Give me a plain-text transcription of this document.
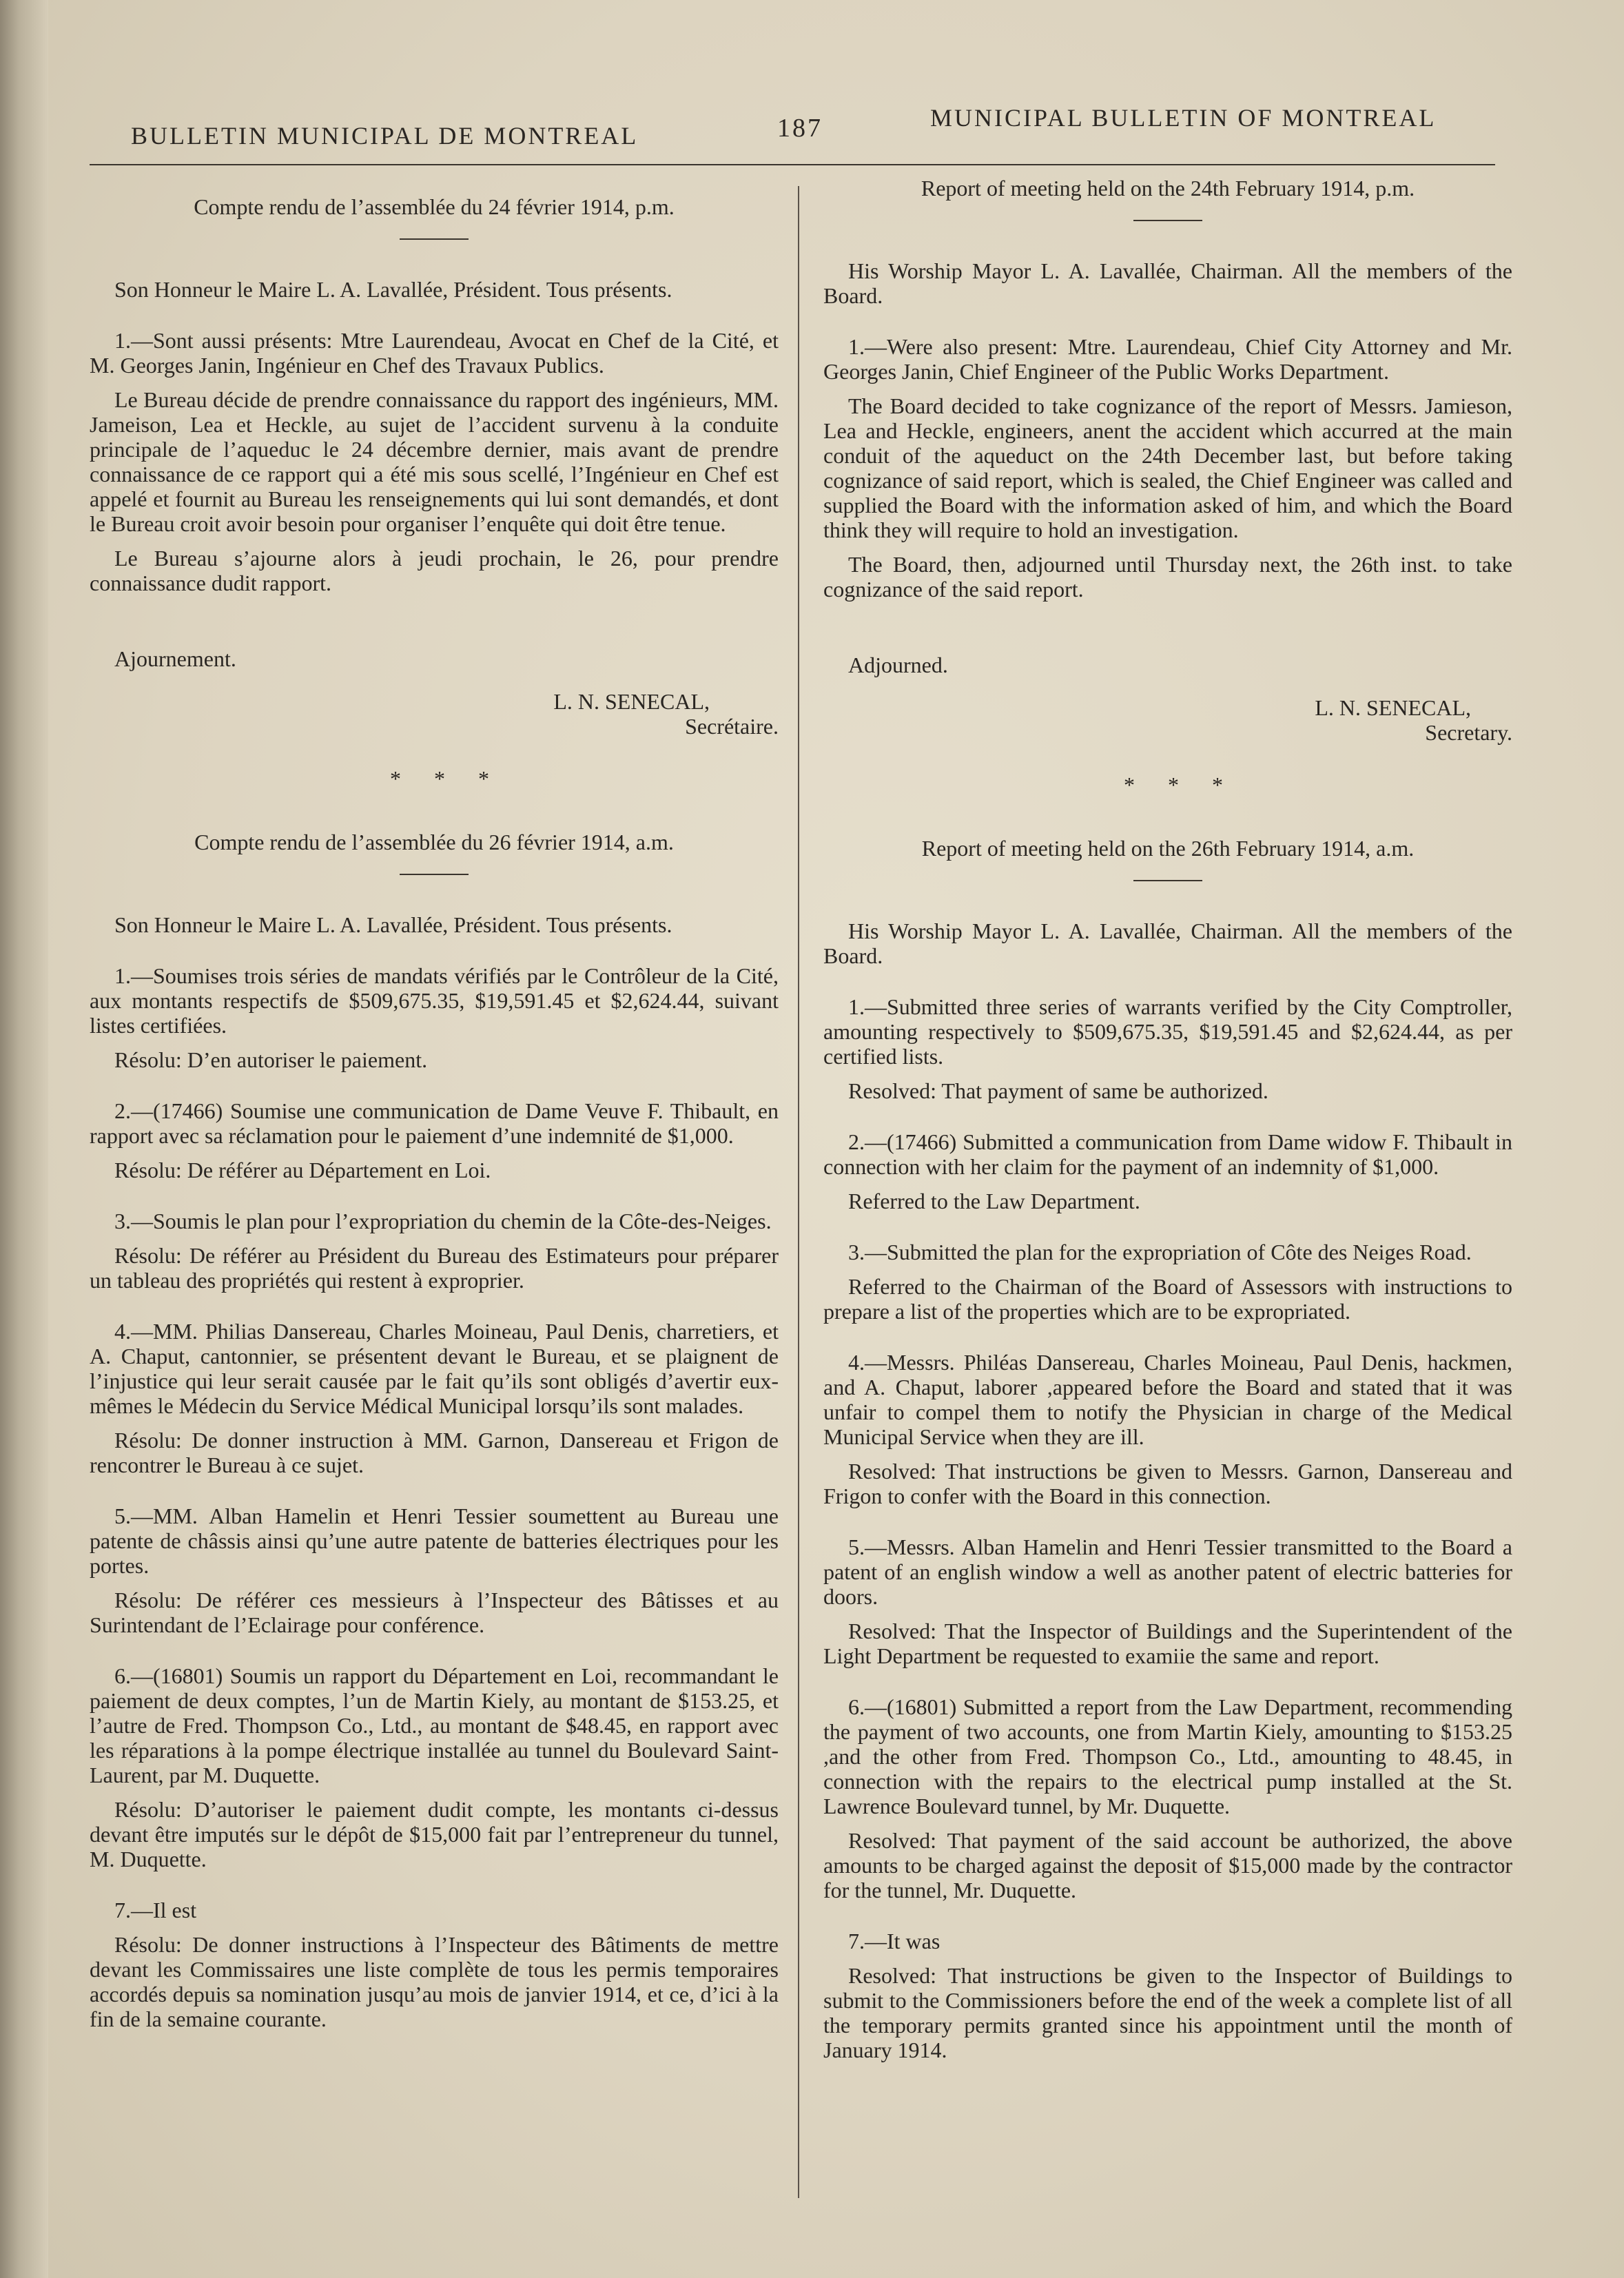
BULLETIN MUNICIPAL DE MONTREAL	187	MUNICIPAL BULLETIN OF MONTREAL

Compte rendu de l’assemblée du 24 février 1914, p.m.

Son Honneur le Maire L. A. Lavallée, Président. Tous présents.

1.—Sont aussi présents: Mtre Laurendeau, Avocat en Chef de la Cité, et M. Georges Janin, Ingénieur en Chef des Travaux Publics.

Le Bureau décide de prendre connaissance du rapport des ingénieurs, MM. Jameison, Lea et Heckle, au sujet de l’accident survenu à la conduite principale de l’aqueduc le 24 décembre dernier, mais avant de prendre connaissance de ce rapport qui a été mis sous scellé, l’Ingénieur en Chef est appelé et fournit au Bureau les renseignements qui lui sont demandés, et dont le Bureau croit avoir besoin pour organiser l’enquête qui doit être tenue.

Le Bureau s’ajourne alors à jeudi prochain, le 26, pour prendre connaissance dudit rapport.

Ajournement.

L. N. SENECAL,

Secrétaire.

* * *

Compte rendu de l’assemblée du 26 février 1914, a.m.

Son Honneur le Maire L. A. Lavallée, Président. Tous présents.

1.—Soumises trois séries de mandats vérifiés par le Contrôleur de la Cité, aux montants respectifs de $509,675.35, $19,591.45 et $2,624.44, suivant listes certifiées.

Résolu: D’en autoriser le paiement.

2.—(17466) Soumise une communication de Dame Veuve F. Thibault, en rapport avec sa réclamation pour le paiement d’une indemnité de $1,000.

Résolu: De référer au Département en Loi.

3.—Soumis le plan pour l’expropriation du chemin de la Côte-des-Neiges.

Résolu: De référer au Président du Bureau des Estimateurs pour préparer un tableau des propriétés qui restent à exproprier.

4.—MM. Philias Dansereau, Charles Moineau, Paul Denis, charretiers, et A. Chaput, cantonnier, se présentent devant le Bureau, et se plaignent de l’injustice qui leur serait causée par le fait qu’ils sont obligés d’avertir eux-mêmes le Médecin du Service Médical Municipal lorsqu’ils sont malades.

Résolu: De donner instruction à MM. Garnon, Dansereau et Frigon de rencontrer le Bureau à ce sujet.

5.—MM. Alban Hamelin et Henri Tessier soumettent au Bureau une patente de châssis ainsi qu’une autre patente de batteries électriques pour les portes.

Résolu: De référer ces messieurs à l’Inspecteur des Bâtisses et au Surintendant de l’Eclairage pour conférence.

6.—(16801) Soumis un rapport du Département en Loi, recommandant le paiement de deux comptes, l’un de Martin Kiely, au montant de $153.25, et l’autre de Fred. Thompson Co., Ltd., au montant de $48.45, en rapport avec les réparations à la pompe électrique installée au tunnel du Boulevard Saint-Laurent, par M. Duquette.

Résolu: D’autoriser le paiement dudit compte, les montants ci-dessus devant être imputés sur le dépôt de $15,000 fait par l’entrepreneur du tunnel, M. Duquette.

7.—Il est

Résolu: De donner instructions à l’Inspecteur des Bâtiments de mettre devant les Commissaires une liste complète de tous les permis temporaires accordés depuis sa nomination jusqu’au mois de janvier 1914, et ce, d’ici à la fin de la semaine courante.

Report of meeting held on the 24th February 1914, p.m.

His Worship Mayor L. A. Lavallée, Chairman. All the members of the Board.

1.—Were also present: Mtre. Laurendeau, Chief City Attorney and Mr. Georges Janin, Chief Engineer of the Public Works Department.

The Board decided to take cognizance of the report of Messrs. Jamieson, Lea and Heckle, engineers, anent the accident which accurred at the main conduit of the aqueduct on the 24th December last, but before taking cognizance of said report, which is sealed, the Chief Engineer was called and supplied the Board with the information asked of him, and which the Board think they will require to hold an investigation.

The Board, then, adjourned until Thursday next, the 26th inst. to take cognizance of the said report.

Adjourned.

L. N. SENECAL,

Secretary.

* * *

Report of meeting held on the 26th February 1914, a.m.

His Worship Mayor L. A. Lavallée, Chairman. All the members of the Board.

1.—Submitted three series of warrants verified by the City Comptroller, amounting respectively to $509,675.35, $19,591.45 and $2,624.44, as per certified lists.

Resolved: That payment of same be authorized.

2.—(17466) Submitted a communication from Dame widow F. Thibault in connection with her claim for the payment of an indemnity of $1,000.

Referred to the Law Department.

3.—Submitted the plan for the expropriation of Côte des Neiges Road.

Referred to the Chairman of the Board of Assessors with instructions to prepare a list of the properties which are to be expropriated.

4.—Messrs. Philéas Dansereau, Charles Moineau, Paul Denis, hackmen, and A. Chaput, laborer ,appeared before the Board and stated that it was unfair to compel them to notify the Physician in charge of the Medical Municipal Service when they are ill.

Resolved: That instructions be given to Messrs. Garnon, Dansereau and Frigon to confer with the Board in this connection.

5.—Messrs. Alban Hamelin and Henri Tessier transmitted to the Board a patent of an english window a well as another patent of electric batteries for doors.

Resolved: That the Inspector of Buildings and the Superintendent of the Light Department be requested to examiie the same and report.

6.—(16801) Submitted a report from the Law Department, recommending the payment of two accounts, one from Martin Kiely, amounting to $153.25 ,and the other from Fred. Thompson Co., Ltd., amounting to 48.45, in connection with the repairs to the electrical pump installed at the St. Lawrence Boulevard tunnel, by Mr. Duquette.

Resolved: That payment of the said account be authorized, the above amounts to be charged against the deposit of $15,000 made by the contractor for the tunnel, Mr. Duquette.

7.—It was

Resolved: That instructions be given to the Inspector of Buildings to submit to the Commissioners before the end of the week a complete list of all the temporary permits granted since his appointment until the month of January 1914.
